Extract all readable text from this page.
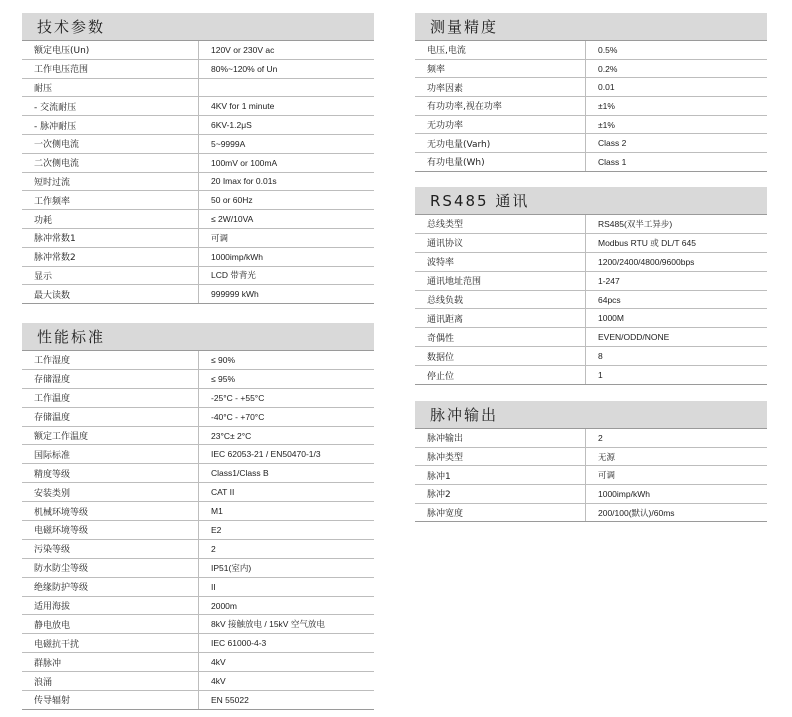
技术参数
额定电压(Un)	120V or 230V ac
工作电压范围	80%~120% of Un
耐压
- 交流耐压	4KV for 1 minute
- 脉冲耐压	6KV-1.2μS
一次侧电流	5~9999A
二次侧电流	100mV or 100mA
短时过流	20 Imax for 0.01s
工作频率	50 or 60Hz
功耗	≤ 2W/10VA
脉冲常数1	可调
脉冲常数2	1000imp/kWh
显示	LCD 带背光
最大读数	999999 kWh
性能标准
工作湿度	≤ 90%
存储湿度	≤ 95%
工作温度	-25°C - +55°C
存储温度	-40°C - +70°C
额定工作温度	23°C± 2°C
国际标准	IEC 62053-21 / EN50470-1/3
精度等级	Class1/Class B
安装类别	CAT II
机械环境等级	M1
电磁环境等级	E2
污染等级	2
防水防尘等级	IP51(室内)
绝缘防护等级	II
适用海拔	2000m
静电放电	8kV 接触放电 / 15kV 空气放电
电磁抗干扰	IEC 61000-4-3
群脉冲	4kV
浪涌	4kV
传导辐射	EN 55022
测量精度
电压,电流	0.5%
频率	0.2%
功率因素	0.01
有功功率,视在功率	±1%
无功功率	±1%
无功电量(Varh)	Class 2
有功电量(Wh)	Class 1
RS485 通讯
总线类型	RS485(双半工异步)
通讯协议	Modbus RTU 或 DL/T 645
波特率	1200/2400/4800/9600bps
通讯地址范围	1-247
总线负载	64pcs
通讯距离	1000M
奇偶性	EVEN/ODD/NONE
数据位	8
停止位	1
脉冲输出
脉冲输出	2
脉冲类型	无源
脉冲1	可调
脉冲2	1000imp/kWh
脉冲宽度	200/100(默认)/60ms
